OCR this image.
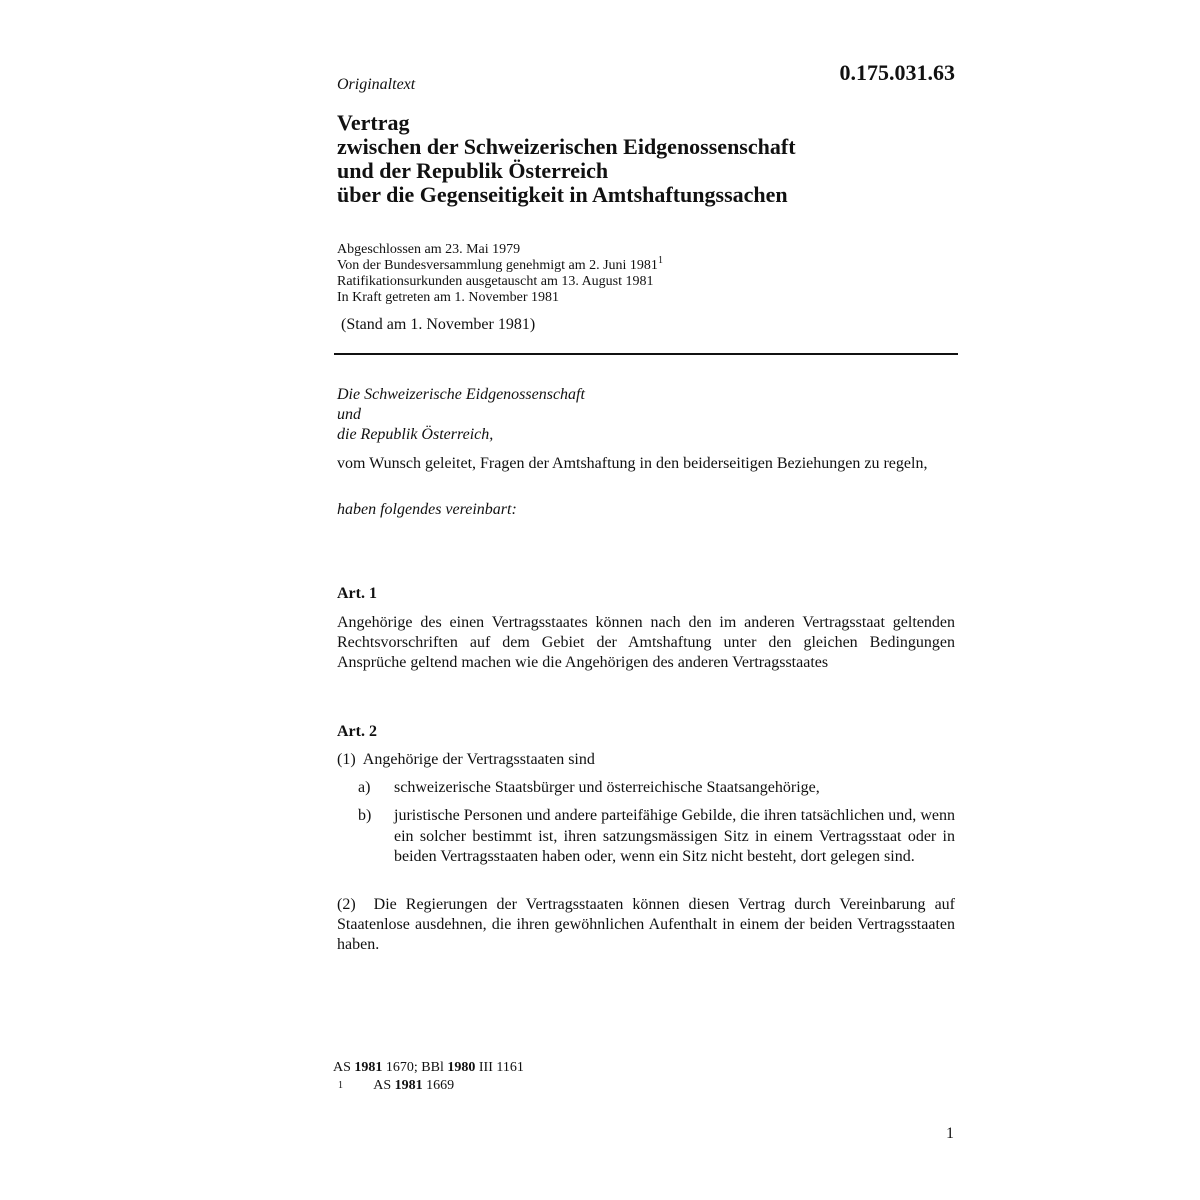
Originaltext	0.175.031.63
Vertrag
zwischen der Schweizerischen Eidgenossenschaft
und der Republik Österreich
über die Gegenseitigkeit in Amtshaftungssachen
Abgeschlossen am 23. Mai 1979
Von der Bundesversammlung genehmigt am 2. Juni 1981$^1$
Ratifikationsurkunden ausgetauscht am 13. August 1981
In Kraft getreten am 1. November 1981
(Stand am 1. November 1981)
Die Schweizerische Eidgenossenschaft
und
die Republik Österreich,
vom Wunsch geleitet, Fragen der Amtshaftung in den beiderseitigen Beziehungen zu regeln,
haben folgendes vereinbart:
Art. 1
Angehörige des einen Vertragsstaates können nach den im anderen Vertragsstaat geltenden Rechtsvorschriften auf dem Gebiet der Amtshaftung unter den gleichen Bedingungen Ansprüche geltend machen wie die Angehörigen des anderen Vertragsstaates
Art. 2
(1) Angehörige der Vertragsstaaten sind
a) schweizerische Staatsbürger und österreichische Staatsangehörige,
b) juristische Personen und andere parteifähige Gebilde, die ihren tatsächlichen und, wenn ein solcher bestimmt ist, ihren satzungsmässigen Sitz in einem Vertragsstaat oder in beiden Vertragsstaaten haben oder, wenn ein Sitz nicht besteht, dort gelegen sind.
(2) Die Regierungen der Vertragsstaaten können diesen Vertrag durch Vereinbarung auf Staatenlose ausdehnen, die ihren gewöhnlichen Aufenthalt in einem der beiden Vertragsstaaten haben.
AS 1981 1670; BBl 1980 III 1161
$^1$ AS 1981 1669
1
